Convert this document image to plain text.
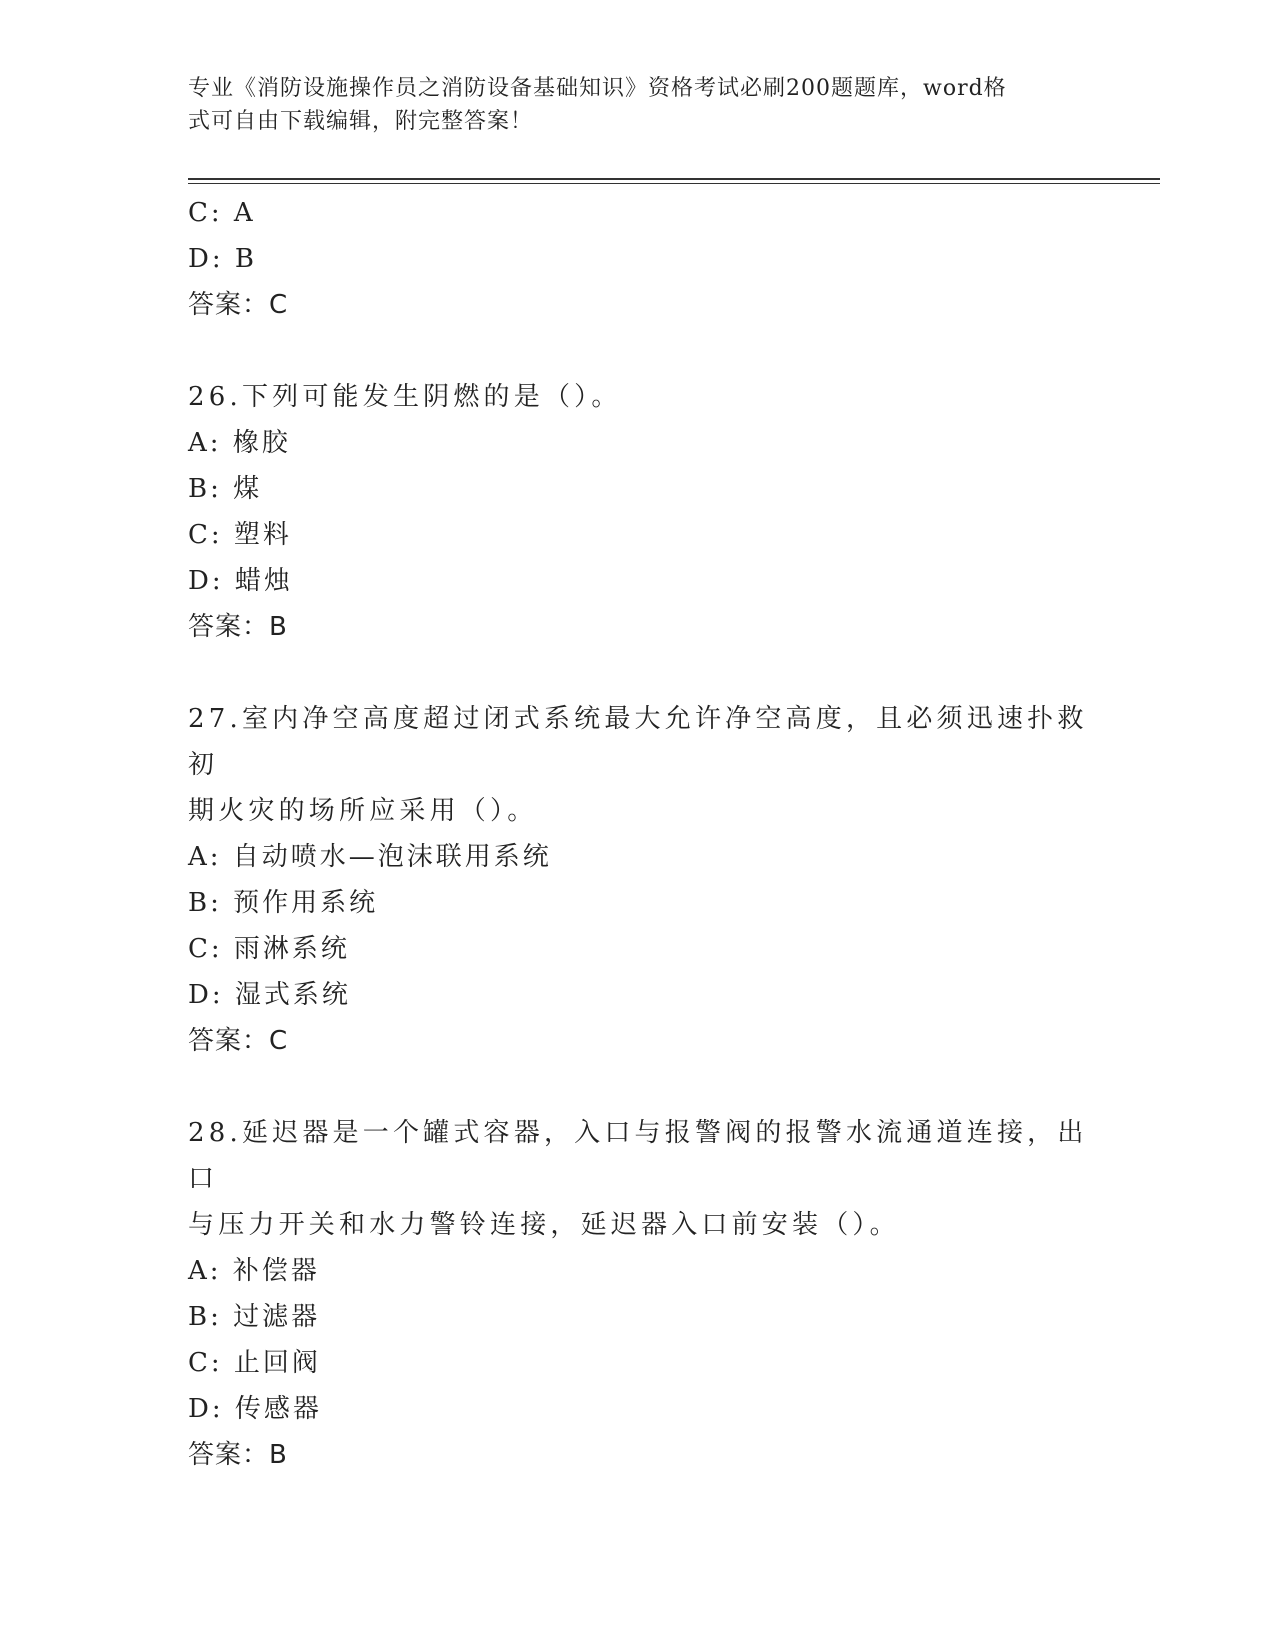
专业《消防设施操作员之消防设备基础知识》资格考试必刷200题题库，word格
式可自由下载编辑，附完整答案！
C: A
D: B
答案：C
26.下列可能发生阴燃的是（）。
A: 橡胶
B: 煤
C: 塑料
D: 蜡烛
答案：B
27.室内净空高度超过闭式系统最大允许净空高度，且必须迅速扑救初
期火灾的场所应采用（）。
A: 自动喷水—泡沫联用系统
B: 预作用系统
C: 雨淋系统
D: 湿式系统
答案：C
28.延迟器是一个罐式容器，入口与报警阀的报警水流通道连接，出口
与压力开关和水力警铃连接，延迟器入口前安装（）。
A: 补偿器
B: 过滤器
C: 止回阀
D: 传感器
答案：B
